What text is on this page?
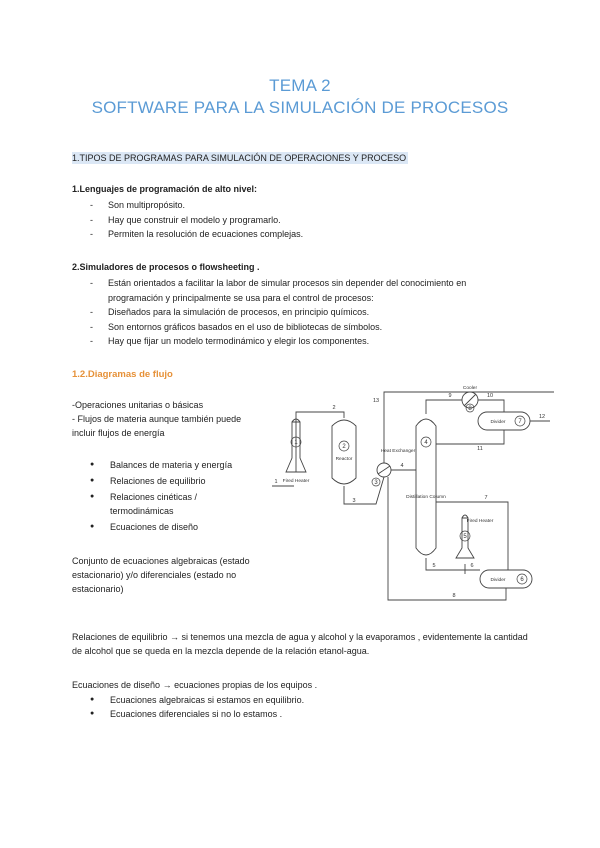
TEMA 2
SOFTWARE PARA LA SIMULACIÓN DE PROCESOS
1.TIPOS DE PROGRAMAS PARA SIMULACIÓN DE OPERACIONES Y PROCESO
1.Lenguajes de programación de alto nivel:
- Son multipropósito.
- Hay que construir el modelo y programarlo.
- Permiten la resolución de ecuaciones complejas.
2.Simuladores de procesos o flowsheeting .
- Están orientados a facilitar la labor de simular procesos sin depender del conocimiento en programación y principalmente se usa para el control de procesos:
- Diseñados para la simulación de procesos, en principio químicos.
- Son entornos gráficos basados en el uso de bibliotecas de símbolos.
- Hay que fijar un modelo termodinámico y elegir los componentes.
1.2.Diagramas de flujo
-Operaciones unitarias o básicas
- Flujos de materia aunque también puede incluir flujos de energía
● Balances de materia y energía
● Relaciones de equilibrio
● Relaciones cinéticas / termodinámicas
● Ecuaciones de diseño
Conjunto de ecuaciones algebraicas (estado estacionario) y/o diferenciales (estado no estacionario)
1
2
3
4
5
6
7
8
Fired Heater
Reactor
Heat Exchanger
Distillation Column
Cooler
Divider
Fired Heater
Divider
1
2
3
4
5	6
7
8
9	10
11
12
13
Relaciones de equilibrio → si tenemos una mezcla de agua y alcohol y la evaporamos , evidentemente la cantidad de alcohol que se queda en la mezcla depende de la relación etanol-agua.
Ecuaciones de diseño → ecuaciones propias de los equipos .
● Ecuaciones algebraicas si estamos en equilibrio.
● Ecuaciones diferenciales si no lo estamos .
